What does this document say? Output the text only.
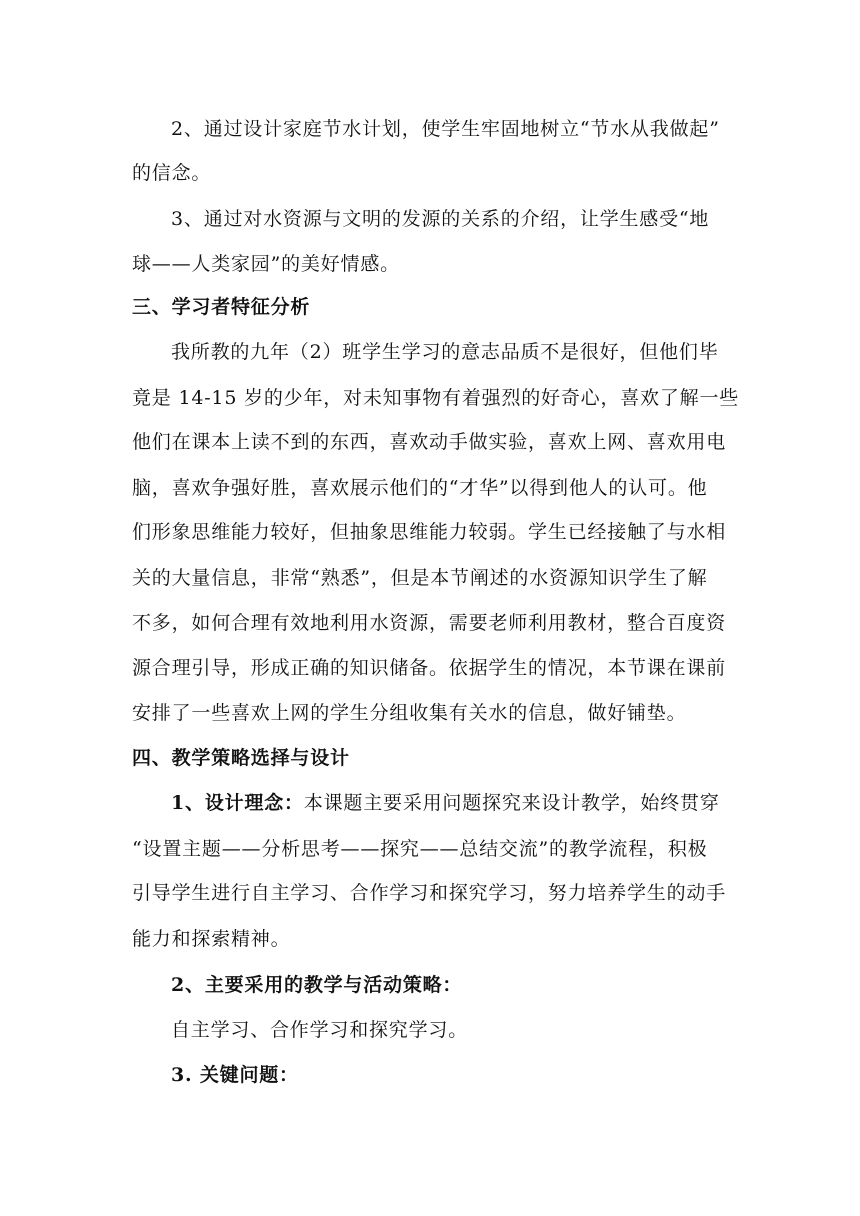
2、通过设计家庭节水计划，使学生牢固地树立“节水从我做起”
的信念。
3、通过对水资源与文明的发源的关系的介绍，让学生感受“地
球——人类家园”的美好情感。
三、学习者特征分析
我所教的九年（2）班学生学习的意志品质不是很好，但他们毕
竟是 14-15 岁的少年，对未知事物有着强烈的好奇心，喜欢了解一些
他们在课本上读不到的东西，喜欢动手做实验，喜欢上网、喜欢用电
脑，喜欢争强好胜，喜欢展示他们的“才华”以得到他人的认可。他
们形象思维能力较好，但抽象思维能力较弱。学生已经接触了与水相
关的大量信息，非常“熟悉”，但是本节阐述的水资源知识学生了解
不多，如何合理有效地利用水资源，需要老师利用教材，整合百度资
源合理引导，形成正确的知识储备。依据学生的情况，本节课在课前
安排了一些喜欢上网的学生分组收集有关水的信息，做好铺垫。
四、教学策略选择与设计
1、设计理念：本课题主要采用问题探究来设计教学，始终贯穿
“设置主题——分析思考——探究——总结交流”的教学流程，积极
引导学生进行自主学习、合作学习和探究学习，努力培养学生的动手
能力和探索精神。
2、主要采用的教学与活动策略：
自主学习、合作学习和探究学习。
3. 关键问题：
